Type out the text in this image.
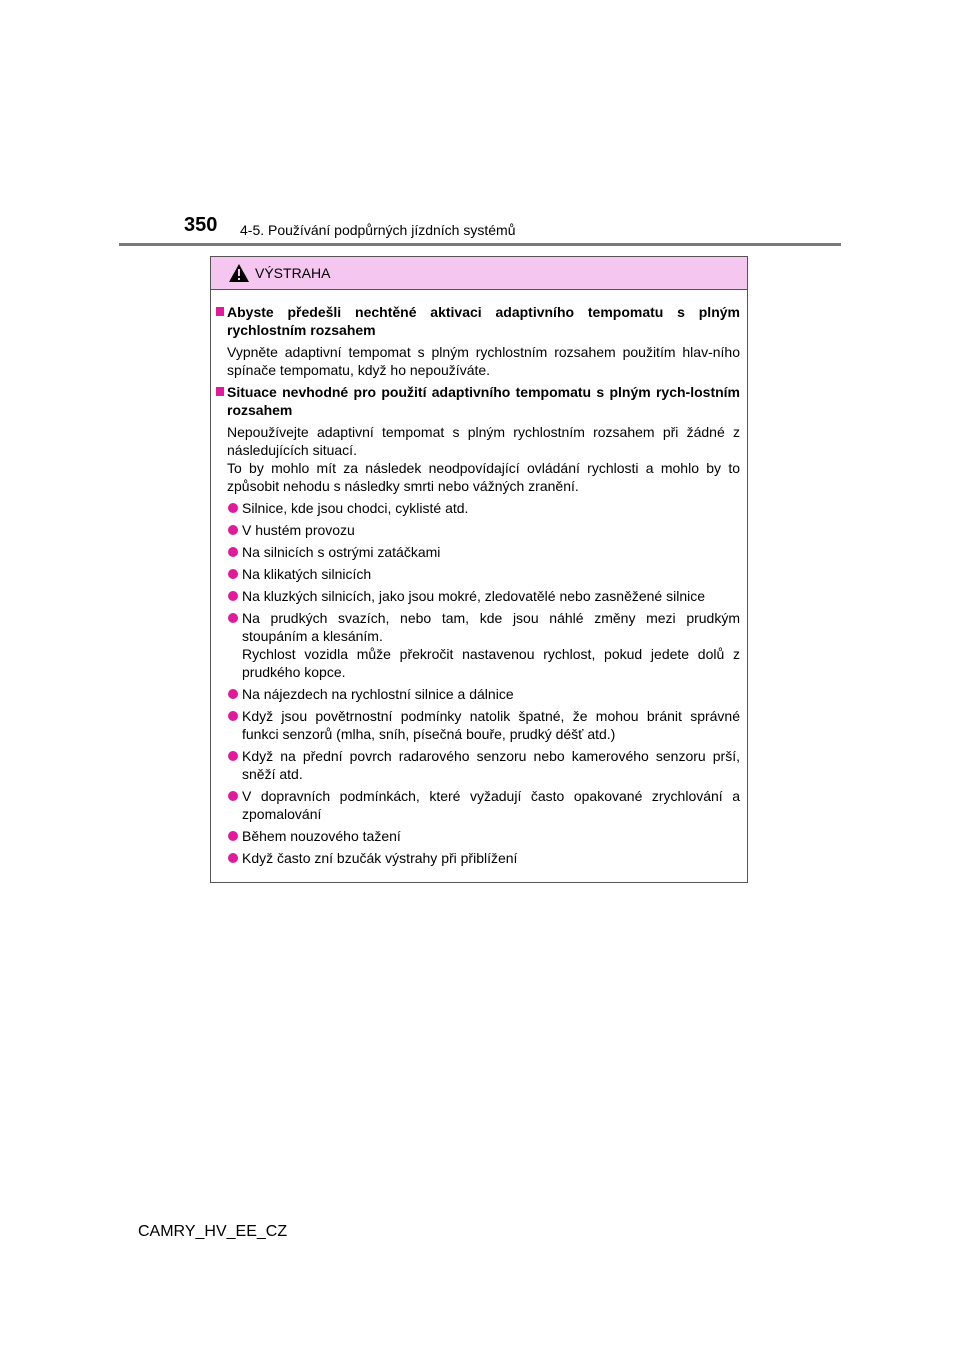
350 4-5. Používání podpůrných jízdních systémů
VÝSTRAHA
Abyste předešli nechtěné aktivaci adaptivního tempomatu s plným rychlostním rozsahem
Vypněte adaptivní tempomat s plným rychlostním rozsahem použitím hlav-ního spínače tempomatu, když ho nepoužíváte.
Situace nevhodné pro použití adaptivního tempomatu s plným rych-lostním rozsahem
Nepoužívejte adaptivní tempomat s plným rychlostním rozsahem při žádné z následujících situací.
To by mohlo mít za následek neodpovídající ovládání rychlosti a mohlo by to způsobit nehodu s následky smrti nebo vážných zranění.
Silnice, kde jsou chodci, cyklisté atd.
V hustém provozu
Na silnicích s ostrými zatáčkami
Na klikatých silnicích
Na kluzkých silnicích, jako jsou mokré, zledovatělé nebo zasněžené silnice
Na prudkých svazích, nebo tam, kde jsou náhlé změny mezi prudkým stoupáním a klesáním.
Rychlost vozidla může překročit nastavenou rychlost, pokud jedete dolů z prudkého kopce.
Na nájezdech na rychlostní silnice a dálnice
Když jsou povětrnostní podmínky natolik špatné, že mohou bránit správné funkci senzorů (mlha, sníh, písečná bouře, prudký déšť atd.)
Když na přední povrch radarového senzoru nebo kamerového senzoru prší, sněží atd.
V dopravních podmínkách, které vyžadují často opakované zrychlování a zpomalování
Během nouzového tažení
Když často zní bzučák výstrahy při přiblížení
CAMRY_HV_EE_CZ
